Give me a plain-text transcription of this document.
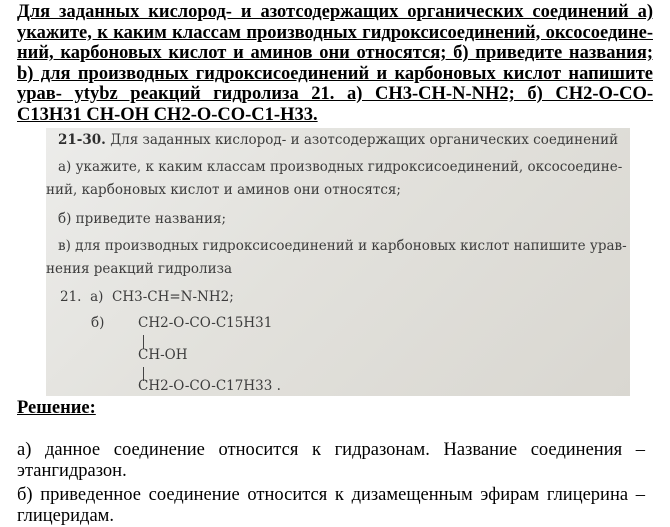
Для заданных кислород- и азотсодержащих органических соединений а) укажите, к каким классам производных гидроксисоединений, оксосоедине- ний, карбоновых кислот и аминов они относятся; б) приведите названия; b) для производных гидроксисоединений и карбоновых кислот напишите урав- ytybz реакций гидролиза 21. а) CH3-CH-N-NH2; б) CH2-O-CO-C13H31 CH-OH CH2-O-CO-C1-H33.
21-30. Для заданных кислород- и азотсодержащих органических соединений
а) укажите, к каким классам производных гидроксисоединений, оксосоедине-
ний, карбоновых кислот и аминов они относятся;
б) приведите названия;
в) для производных гидроксисоединений и карбоновых кислот напишите урав-
нения реакций гидролиза
21. а) CH3-CH=N-NH2;
б) CH2-O-CO-C15H31
CH-OH
CH2-O-CO-C17H33 .
Решение:
а) данное соединение относится к гидразонам. Название соединения – этангидразон.
б) приведенное соединение относится к дизамещенным эфирам глицерина – глицеридам.
